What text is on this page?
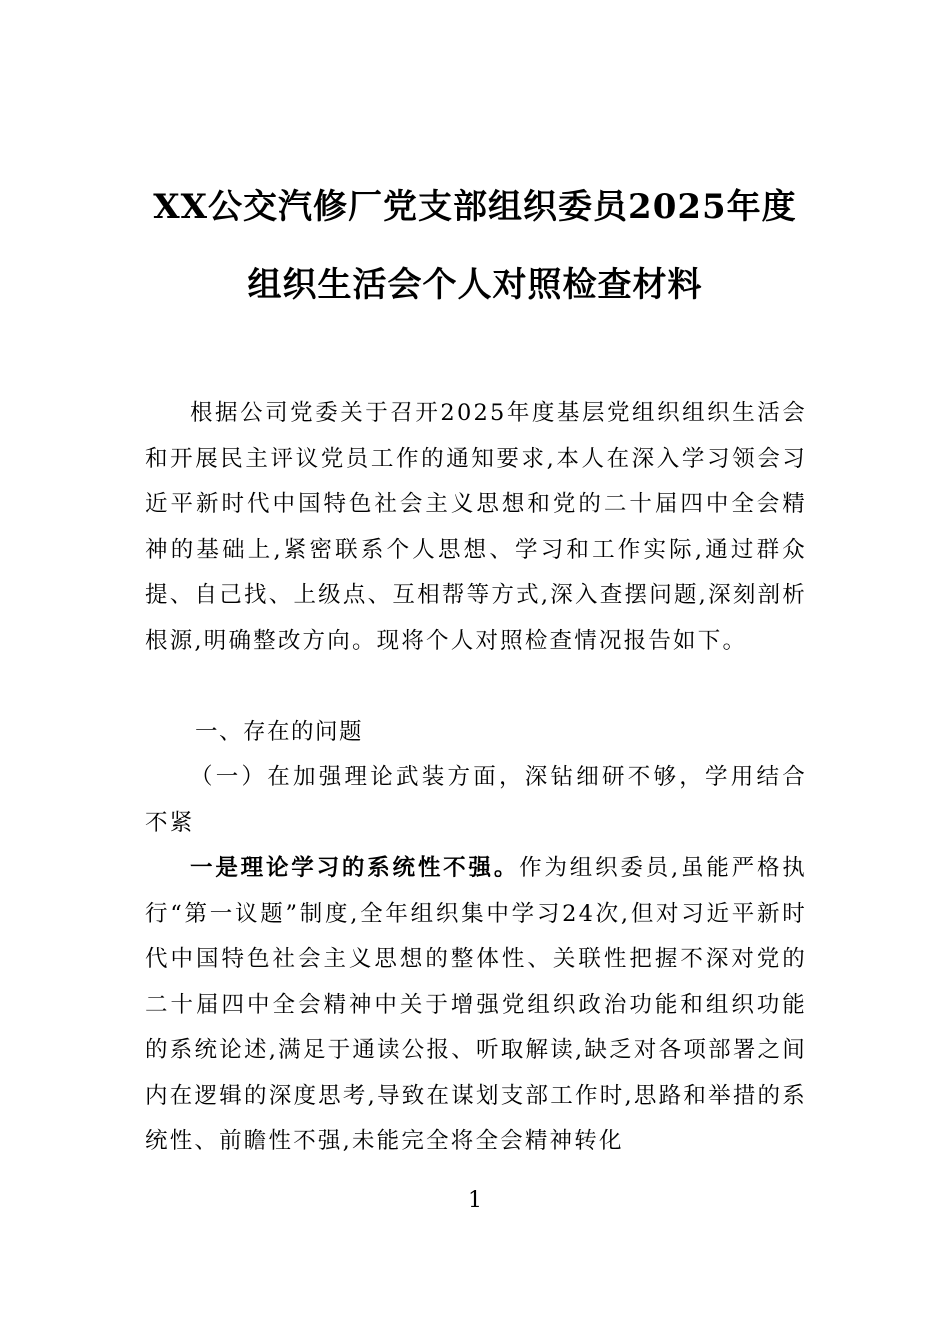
XX公交汽修厂党支部组织委员2025年度
组织生活会个人对照检查材料
根据公司党委关于召开2025年度基层党组织组织生活会和开展民主评议党员工作的通知要求,本人在深入学习领会习近平新时代中国特色社会主义思想和党的二十届四中全会精神的基础上,紧密联系个人思想、学习和工作实际,通过群众提、自己找、上级点、互相帮等方式,深入查摆问题,深刻剖析根源,明确整改方向。现将个人对照检查情况报告如下。
一、存在的问题
（一）在加强理论武装方面，深钻细研不够，学用结合不紧
一是理论学习的系统性不强。作为组织委员,虽能严格执行“第一议题”制度,全年组织集中学习24次,但对习近平新时代中国特色社会主义思想的整体性、关联性把握不深对党的二十届四中全会精神中关于增强党组织政治功能和组织功能的系统论述,满足于通读公报、听取解读,缺乏对各项部署之间内在逻辑的深度思考,导致在谋划支部工作时,思路和举措的系统性、前瞻性不强,未能完全将全会精神转化
1
